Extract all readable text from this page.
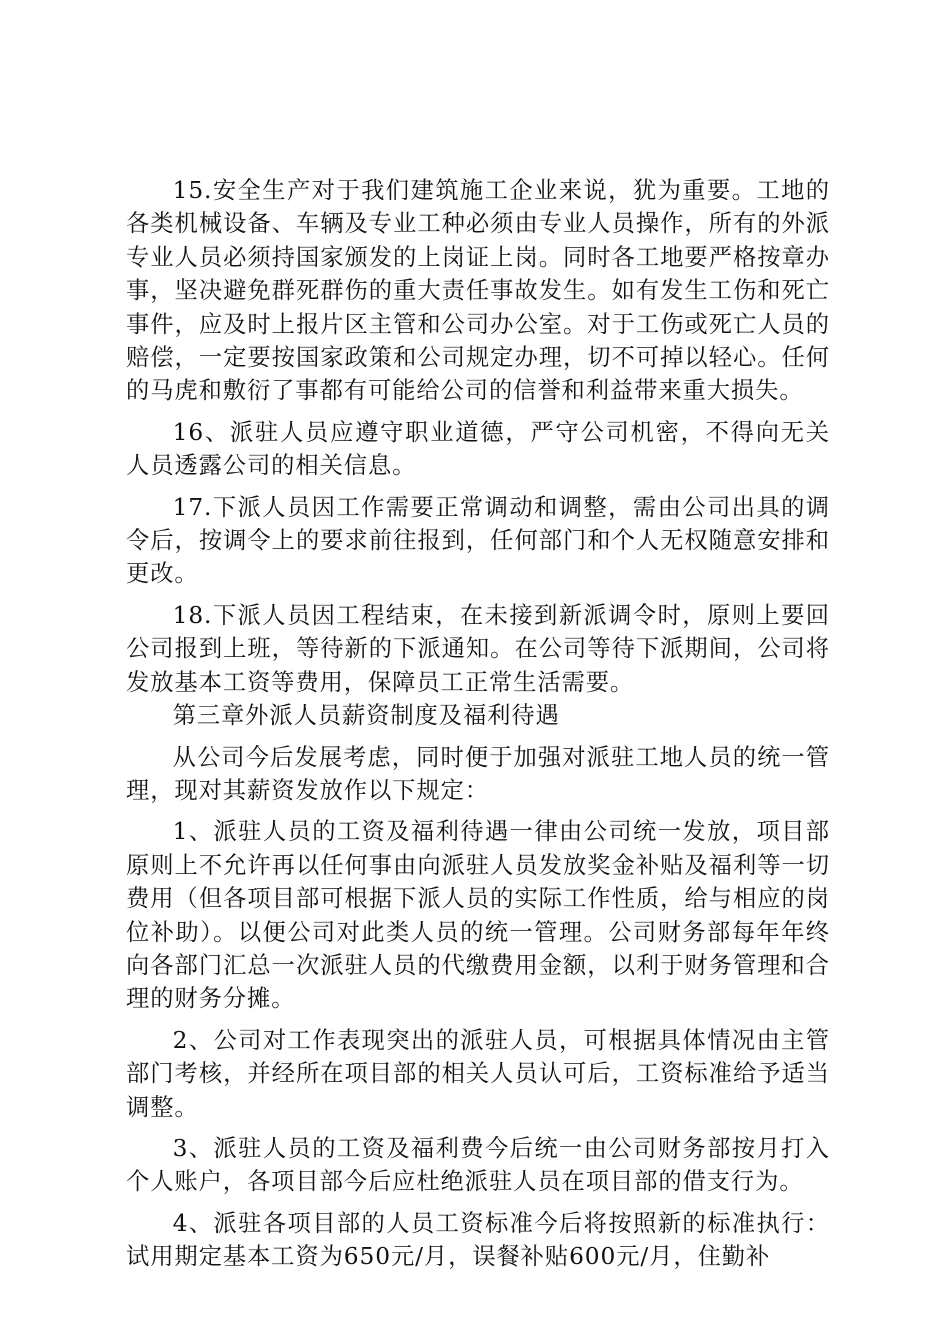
15.安全生产对于我们建筑施工企业来说，犹为重要。工地的各类机械设备、车辆及专业工种必须由专业人员操作，所有的外派专业人员必须持国家颁发的上岗证上岗。同时各工地要严格按章办事，坚决避免群死群伤的重大责任事故发生。如有发生工伤和死亡事件，应及时上报片区主管和公司办公室。对于工伤或死亡人员的赔偿，一定要按国家政策和公司规定办理，切不可掉以轻心。任何的马虎和敷衍了事都有可能给公司的信誉和利益带来重大损失。

16、派驻人员应遵守职业道德，严守公司机密，不得向无关人员透露公司的相关信息。

17.下派人员因工作需要正常调动和调整，需由公司出具的调令后，按调令上的要求前往报到，任何部门和个人无权随意安排和更改。

18.下派人员因工程结束，在未接到新派调令时，原则上要回公司报到上班，等待新的下派通知。在公司等待下派期间，公司将发放基本工资等费用，保障员工正常生活需要。

第三章外派人员薪资制度及福利待遇

从公司今后发展考虑，同时便于加强对派驻工地人员的统一管理，现对其薪资发放作以下规定：

1、派驻人员的工资及福利待遇一律由公司统一发放，项目部原则上不允许再以任何事由向派驻人员发放奖金补贴及福利等一切费用（但各项目部可根据下派人员的实际工作性质，给与相应的岗位补助）。以便公司对此类人员的统一管理。公司财务部每年年终向各部门汇总一次派驻人员的代缴费用金额，以利于财务管理和合理的财务分摊。

2、公司对工作表现突出的派驻人员，可根据具体情况由主管部门考核，并经所在项目部的相关人员认可后，工资标准给予适当调整。

3、派驻人员的工资及福利费今后统一由公司财务部按月打入个人账户，各项目部今后应杜绝派驻人员在项目部的借支行为。

4、派驻各项目部的人员工资标准今后将按照新的标准执行：试用期定基本工资为650元/月，误餐补贴600元/月，住勤补
